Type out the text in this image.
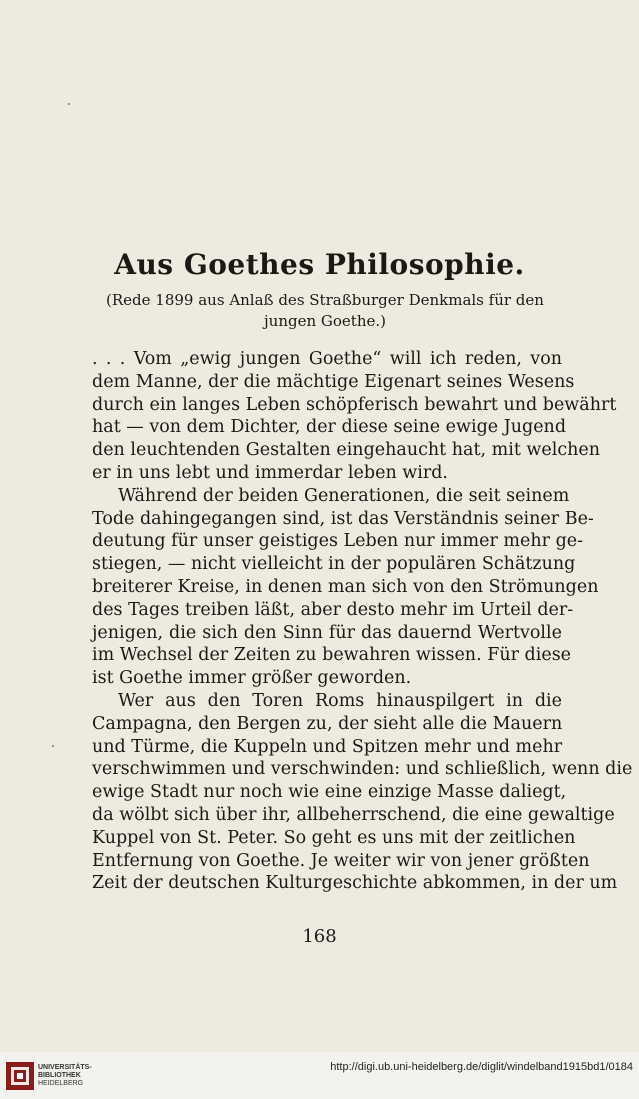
Aus Goethes Philosophie.
(Rede 1899 aus Anlaß des Straßburger Denkmals für den jungen Goethe.)
. . . Vom „ewig jungen Goethe“ will ich reden, von
dem Manne, der die mächtige Eigenart seines Wesens
durch ein langes Leben schöpferisch bewahrt und bewährt
hat — von dem Dichter, der diese seine ewige Jugend
den leuchtenden Gestalten eingehaucht hat, mit welchen
er in uns lebt und immerdar leben wird.
Während der beiden Generationen, die seit seinem
Tode dahingegangen sind, ist das Verständnis seiner Be-
deutung für unser geistiges Leben nur immer mehr ge-
stiegen, — nicht vielleicht in der populären Schätzung
breiterer Kreise, in denen man sich von den Strömungen
des Tages treiben läßt, aber desto mehr im Urteil der-
jenigen, die sich den Sinn für das dauernd Wertvolle
im Wechsel der Zeiten zu bewahren wissen. Für diese
ist Goethe immer größer geworden.
Wer aus den Toren Roms hinauspilgert in die
Campagna, den Bergen zu, der sieht alle die Mauern
und Türme, die Kuppeln und Spitzen mehr und mehr
verschwimmen und verschwinden: und schließlich, wenn die
ewige Stadt nur noch wie eine einzige Masse daliegt,
da wölbt sich über ihr, allbeherrschend, die eine gewaltige
Kuppel von St. Peter. So geht es uns mit der zeitlichen
Entfernung von Goethe. Je weiter wir von jener größten
Zeit der deutschen Kulturgeschichte abkommen, in der um
168
UNIVERSITÄTS-
BIBLIOTHEK
HEIDELBERG
http://digi.ub.uni-heidelberg.de/diglit/windelband1915bd1/0184
